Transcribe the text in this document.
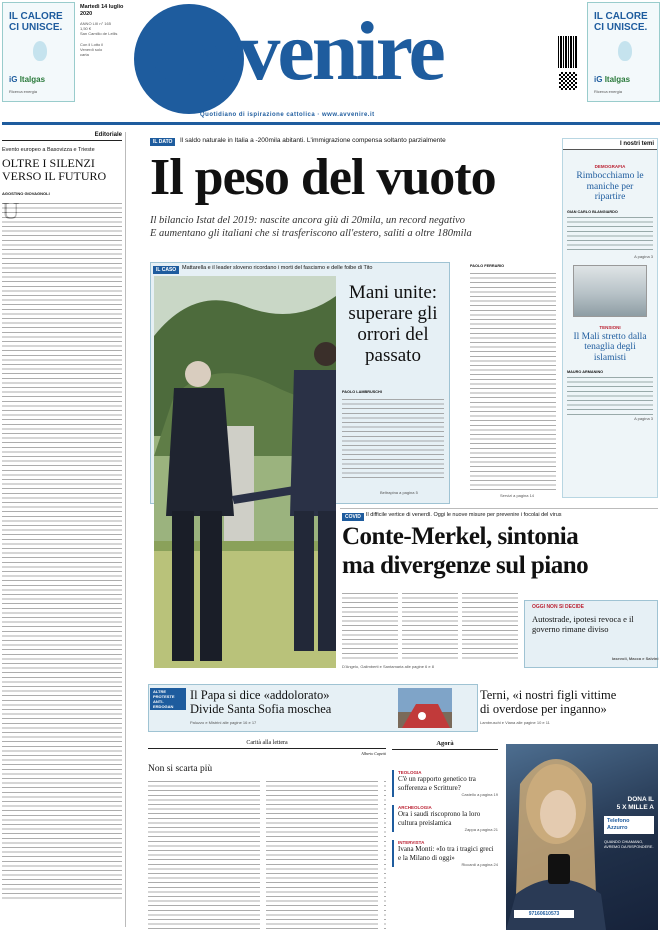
IL CALORE
CI UNISCE.
iG Italgas
Ricerca energia
IL CALORE
CI UNISCE.
iG Italgas
Ricerca energia
Martedì 14 luglio
2020
ANNO LIII n° 165
1,50 €
San Camillo de Lellis
Con il Lotto il Venerdì solo carta Avvenire
Quotidiano di ispirazione cattolica · www.avvenire.it
Editoriale
Evento europeo a Basovizza e Trieste
OLTRE I SILENZI VERSO IL FUTURO
AGOSTINO GIOVAGNOLI
IL DATO	Il saldo naturale in Italia a -200mila abitanti. L'immigrazione compensa soltanto parzialmente
Il peso del vuoto
Il bilancio Istat del 2019: nascite ancora giù di 20mila, un record negativo
E aumentano gli italiani che si trasferiscono all'estero, saliti a oltre 180mila
I nostri temi
DEMOGRAFIA
Rimbocchiamo le maniche per ripartire
GIAN CARLO BLANGIARDO
A pagina 3
TENSIONI
Il Mali stretto dalla tenaglia degli islamisti
MAURO ARMANINO
A pagina 3
IL CASO	Mattarella e il leader sloveno ricordano i morti del fascismo e delle foibe di Tito
Mani unite: superare gli orrori del passato
PAOLO LAMBRUSCHI
Beltrapina a pagina 5
PAOLO FERRARIO
Servizi a pagina 14
COVID Il difficile vertice di venerdì. Oggi le nuove misure per prevenire i focolai del virus
Conte-Merkel, sintonia
ma divergenze sul piano
D'Angelo, Galimberti e Santamaria alle pagine 6 e 8
OGGI NON SI DECIDE
Autostrade, ipotesi revoca e il governo rimane diviso
Iasevoli, Macca e Salvini
ALTRE PROTESTE ANTI-ERDOGAN
Il Papa si dice «addolorato»
Divide Santa Sofia moschea
Paluzzo e Mistrini alle pagine 16 e 17
Terni, «i nostri figli vittime
di overdose per inganno»
Lambruschi e Viana alle pagine 10 e 11
Carità alla lettera
Alberto Capetti
Non si scarta più
Agorà
TEOLOGIA
C'è un rapporto genetico tra sofferenza e Scritture?
Castello a pagina 19
ARCHEOLOGIA
Ora i saudi riscoprono la loro cultura preislamica
Zappa a pagina 21
INTERVISTA
Ivana Monti: «Io tra i tragici greci e la Milano di oggi»
Riccardi a pagina 24
DONA IL
5 X MILLE A
Telefono
Azzurro
QUANDO CHIAMANO, AVREMO DA RISPONDERE.
97160610573
